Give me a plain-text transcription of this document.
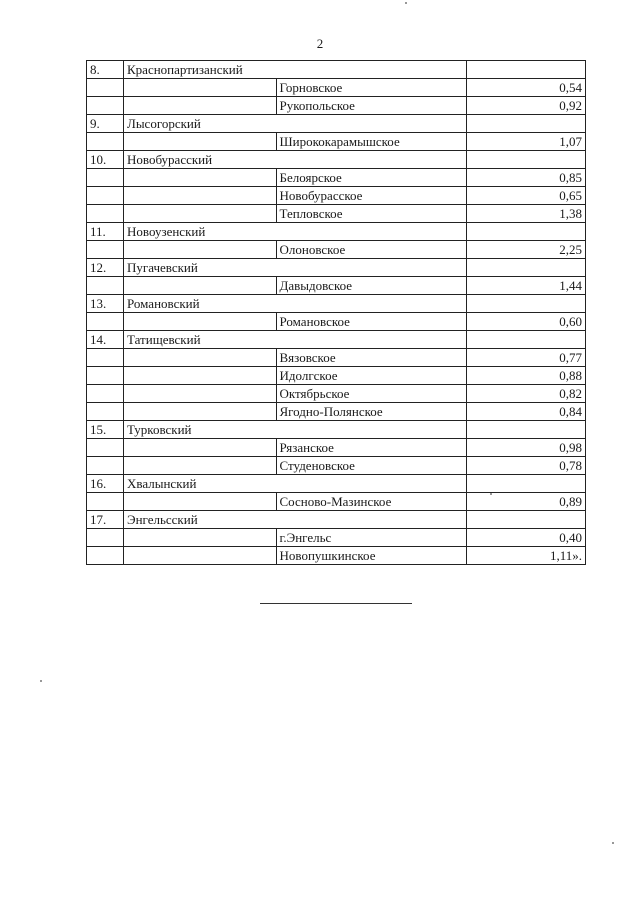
2
8.	Краснопартизанский		
		Горновское	0,54
		Рукопольское	0,92
9.	Лысогорский		
		Ширококарамышское	1,07
10.	Новобурасский		
		Белоярское	0,85
		Новобурасское	0,65
		Тепловское	1,38
11.	Новоузенский		
		Олоновское	2,25
12.	Пугачевский		
		Давыдовское	1,44
13.	Романовский		
		Романовское	0,60
14.	Татищевский		
		Вязовское	0,77
		Идолгское	0,88
		Октябрьское	0,82
		Ягодно-Полянское	0,84
15.	Турковский		
		Рязанское	0,98
		Студеновское	0,78
16.	Хвалынский		
		Сосново-Мазинское	0,89
17.	Энгельсский		
		г.Энгельс	0,40
		Новопушкинское	1,11».
